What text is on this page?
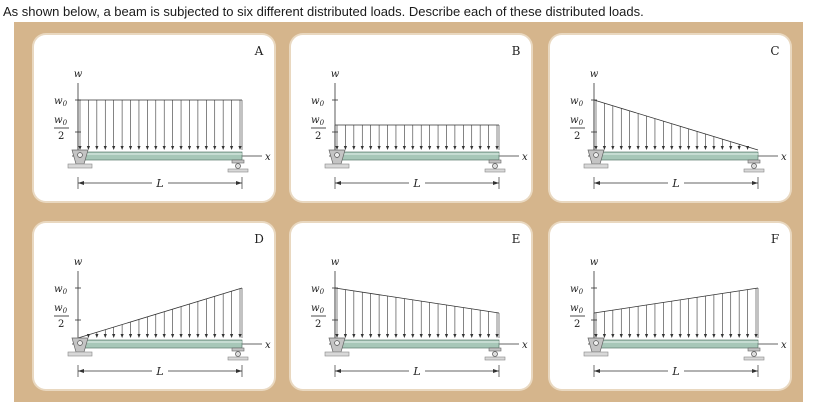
As shown below, a beam is subjected to six different distributed loads. Describe each of these distributed loads.
A
w
$w_0$
$w_0$
2
x
L
B
w
$w_0$
$w_0$
2
x
L
C
w
$w_0$
$w_0$
2
x
L
D
w
$w_0$
$w_0$
2
x
L
E
w
$w_0$
$w_0$
2
x
L
F
w
$w_0$
$w_0$
2
x
L
